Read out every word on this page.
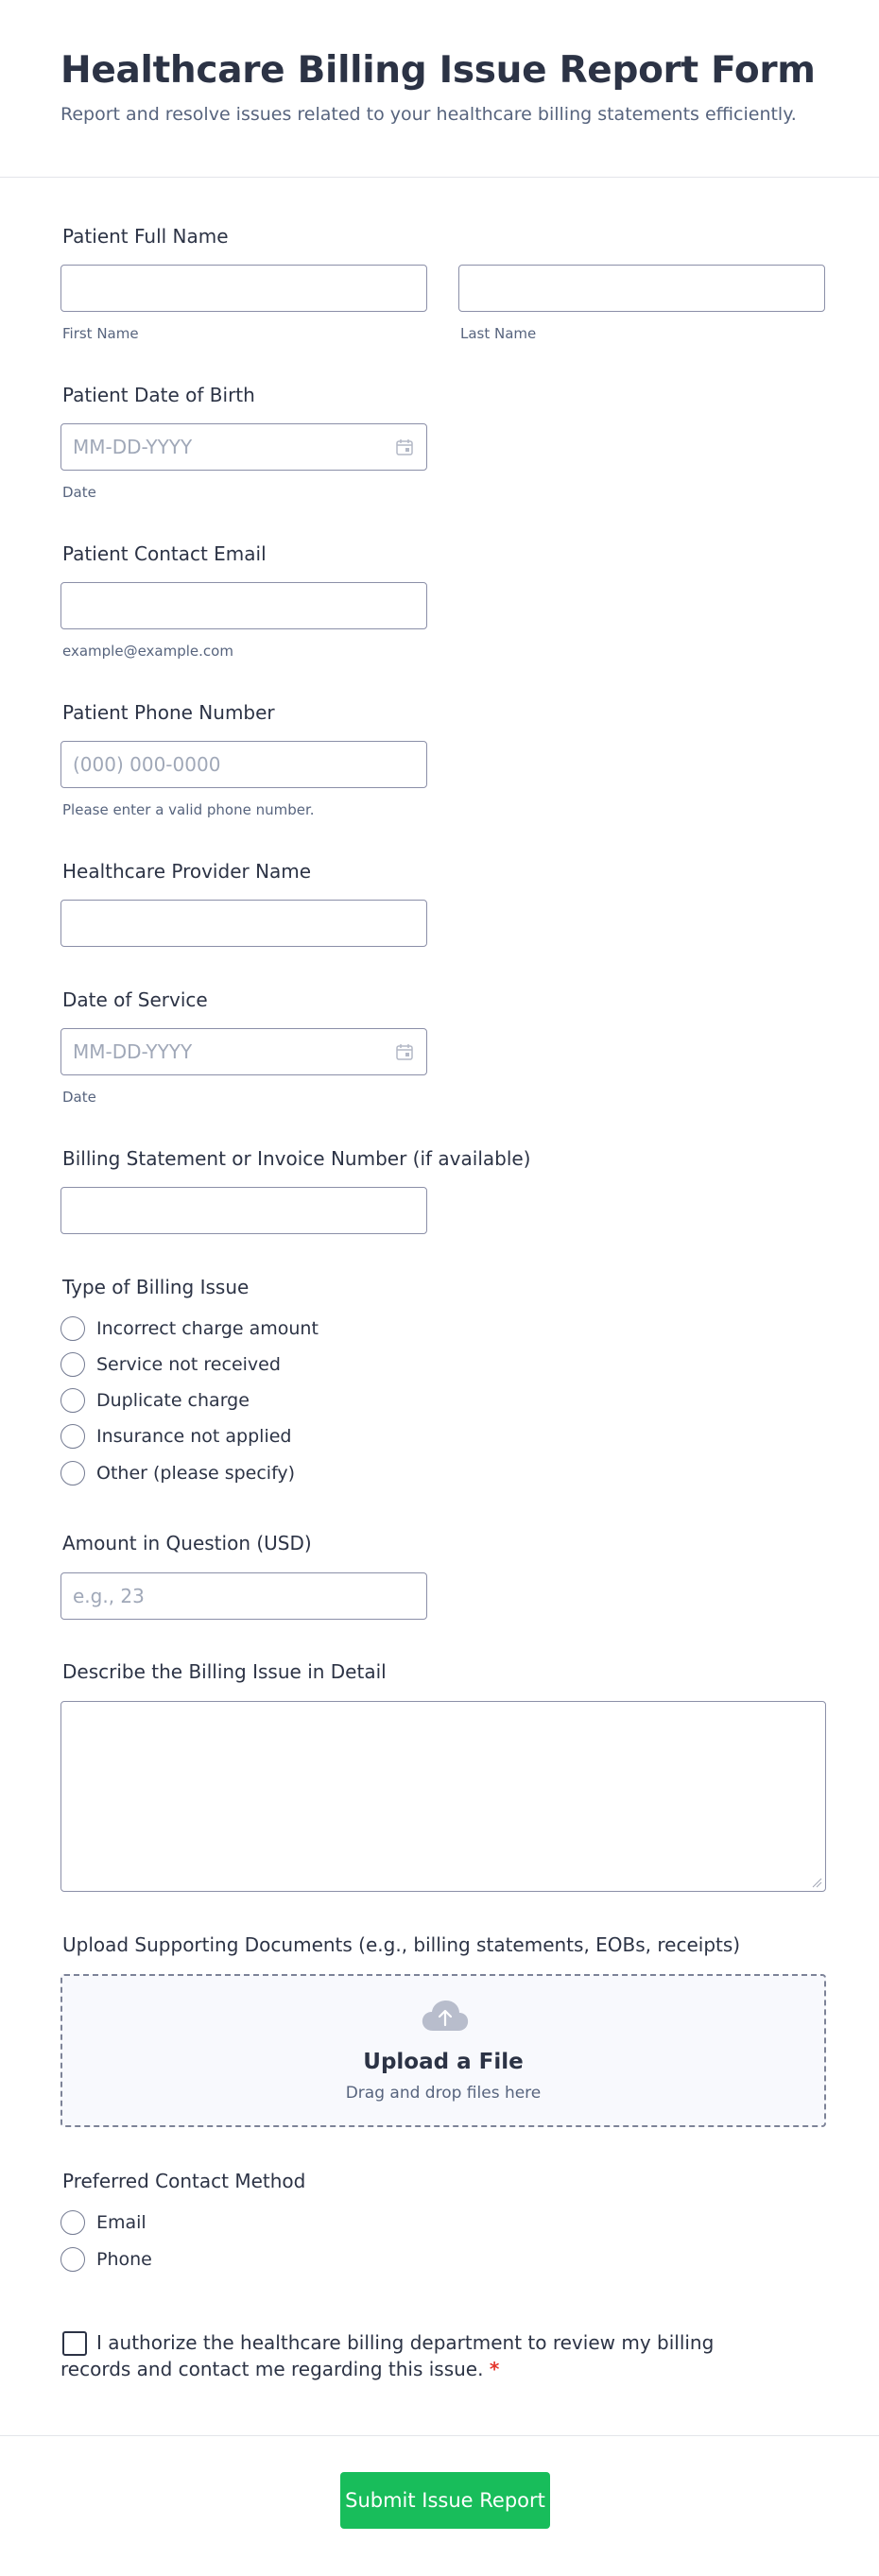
Healthcare Billing Issue Report Form

Report and resolve issues related to your healthcare billing statements efficiently.

Patient Full Name
First Name	Last Name
Patient Date of Birth
MM-DD-YYYY
Date
Patient Contact Email
example@example.com
Patient Phone Number
(000) 000-0000
Please enter a valid phone number.
Healthcare Provider Name
Date of Service
MM-DD-YYYY
Date
Billing Statement or Invoice Number (if available)
Type of Billing Issue
Incorrect charge amount
Service not received
Duplicate charge
Insurance not applied
Other (please specify)
Amount in Question (USD)
e.g., 23
Describe the Billing Issue in Detail
Upload Supporting Documents (e.g., billing statements, EOBs, receipts)
Upload a File
Drag and drop files here
Preferred Contact Method
Email
Phone
I authorize the healthcare billing department to review my billing records and contact me regarding this issue. *
Submit Issue Report
